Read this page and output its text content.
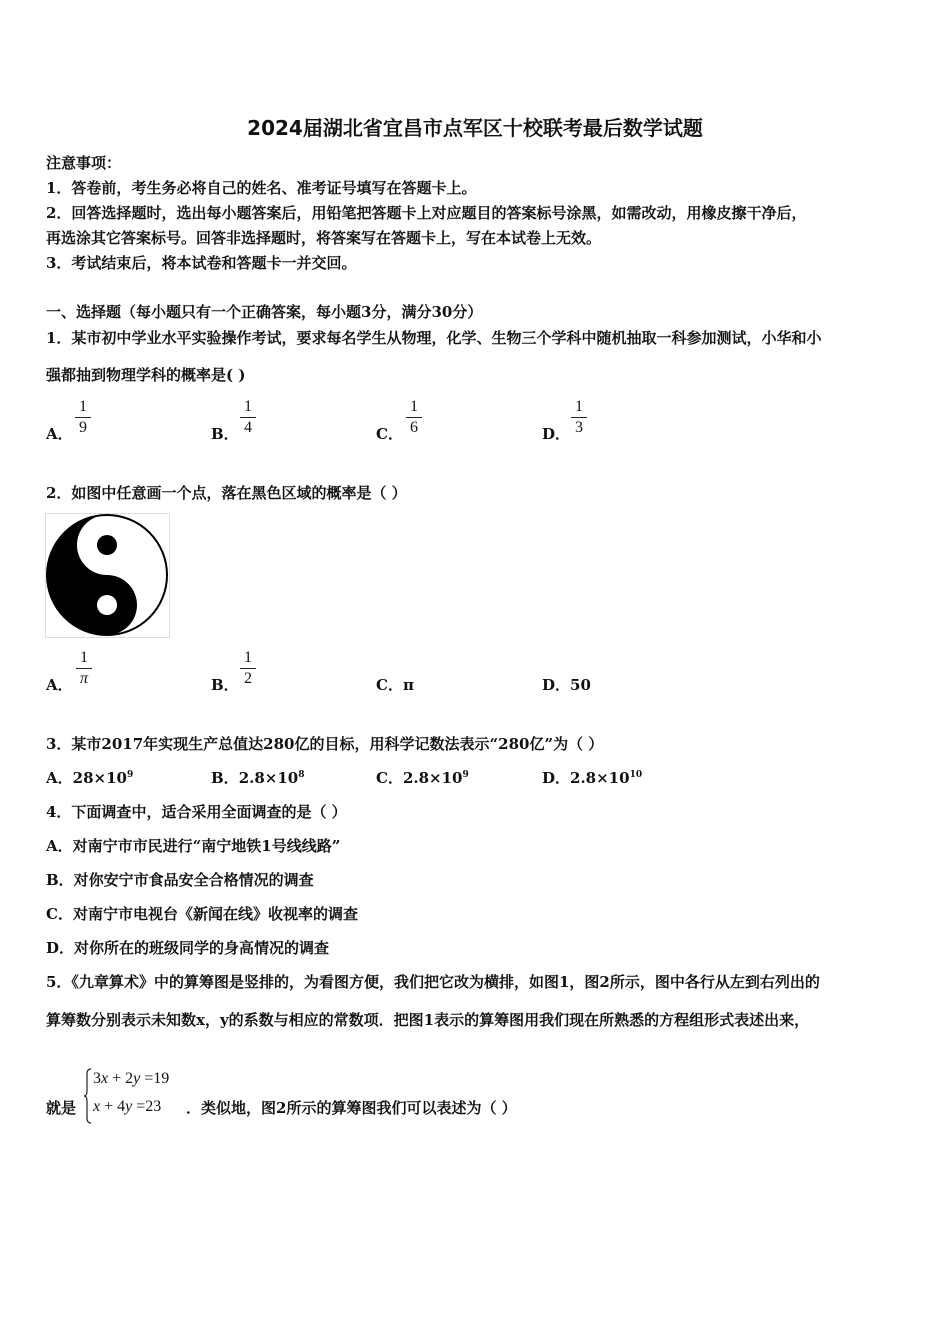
2024届湖北省宜昌市点军区十校联考最后数学试题
注意事项：
1．答卷前，考生务必将自己的姓名、准考证号填写在答题卡上。
2．回答选择题时，选出每小题答案后，用铅笔把答题卡上对应题目的答案标号涂黑，如需改动，用橡皮擦干净后，
再选涂其它答案标号。回答非选择题时，将答案写在答题卡上，写在本试卷上无效。
3．考试结束后，将本试卷和答题卡一并交回。
一、选择题（每小题只有一个正确答案，每小题3分，满分30分）
1．某市初中学业水平实验操作考试，要求每名学生从物理，化学、生物三个学科中随机抽取一科参加测试，小华和小
强都抽到物理学科的概率是( )
A．
1
9	B．
1
4	C．
1
6	D．
1
3
2．如图中任意画一个点，落在黑色区域的概率是（ ）
A．
1
π	B．
1
2	C．π	D．50
3．某市2017年实现生产总值达280亿的目标，用科学记数法表示“280亿”为（ ）
A．$28\times 10^9$	B．$2.8\times 10^8$	C．$2.8\times 10^9$	D．$2.8\times 10^{10}$
4．下面调查中，适合采用全面调查的是（ ）
A．对南宁市市民进行“南宁地铁1号线线路”
B．对你安宁市食品安全合格情况的调查
C．对南宁市电视台《新闻在线》收视率的调查
D．对你所在的班级同学的身高情况的调查
5．《九章算术》中的算筹图是竖排的，为看图方便，我们把它改为横排，如图1，图2所示，图中各行从左到右列出的
算筹数分别表示未知数x，y的系数与相应的常数项．把图1表示的算筹图用我们现在所熟悉的方程组形式表述出来，
就是
3x + 2y =19
x + 4y =23 ．类似地，图2所示的算筹图我们可以表述为（ ）
